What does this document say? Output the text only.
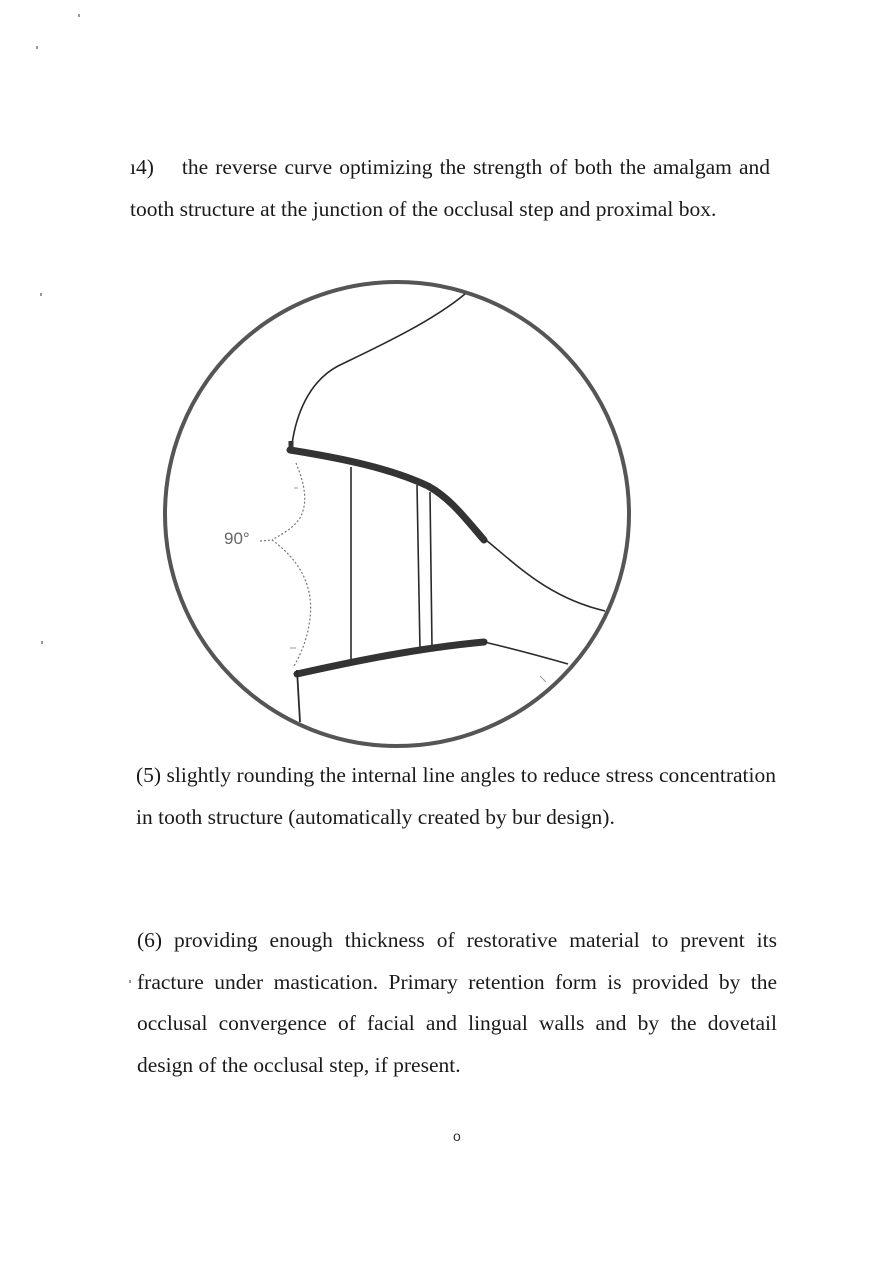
ı4) the reverse curve optimizing the strength of both the amalgam and tooth structure at the junction of the occlusal step and proximal box.

90°

(5) slightly rounding the internal line angles to reduce stress concentration in tooth structure (automatically created by bur design).

(6) providing enough thickness of restorative material to prevent its fracture under mastication. Primary retention form is provided by the occlusal convergence of facial and lingual walls and by the dovetail design of the occlusal step, if present.

o
